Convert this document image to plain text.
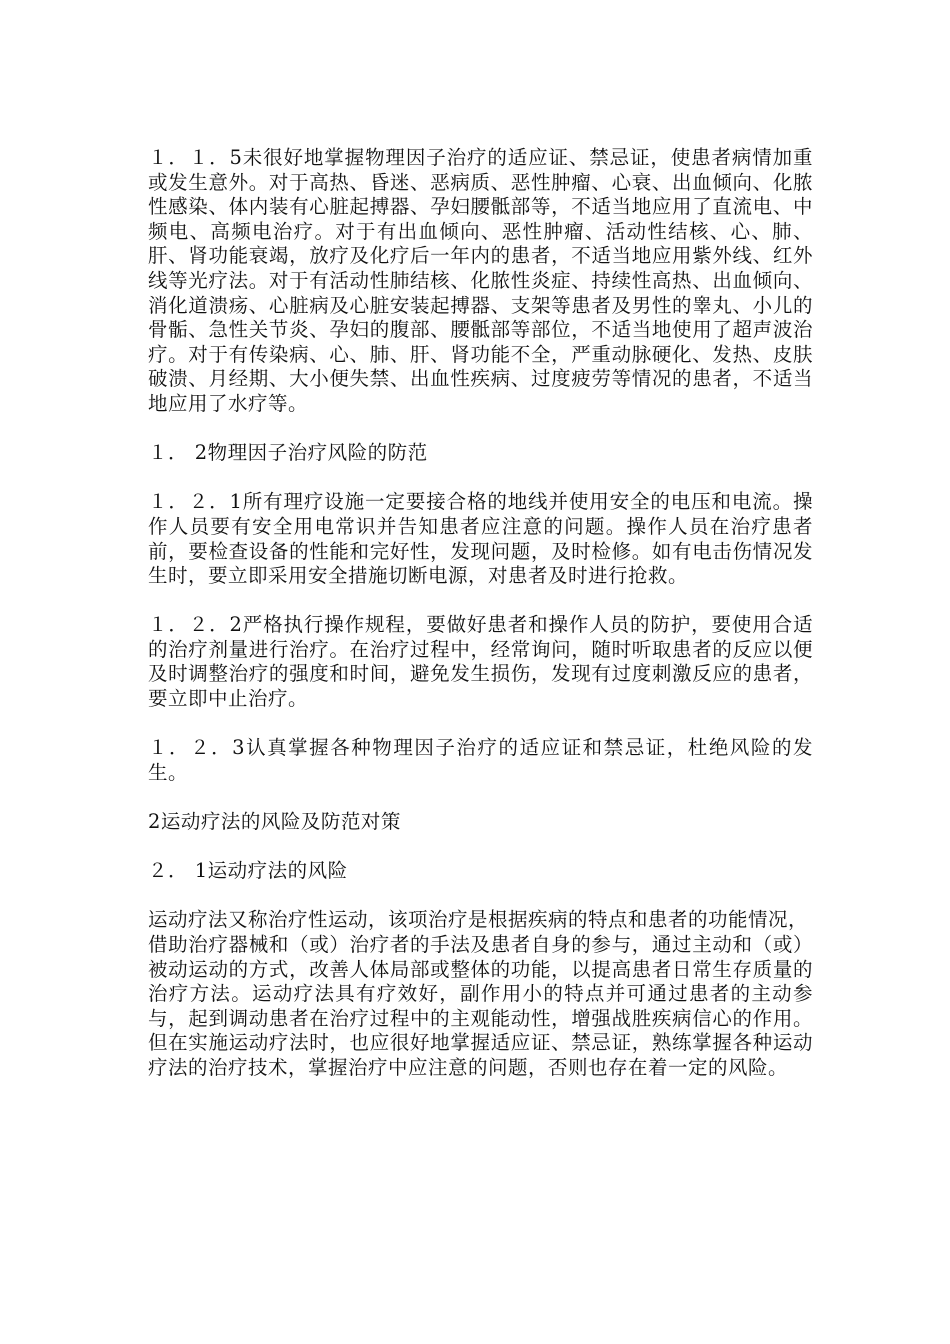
１．１．5未很好地掌握物理因子治疗的适应证、禁忌证，使患者病情加重或发生意外。对于高热、昏迷、恶病质、恶性肿瘤、心衰、出血倾向、化脓性感染、体内装有心脏起搏器、孕妇腰骶部等，不适当地应用了直流电、中频电、高频电治疗。对于有出血倾向、恶性肿瘤、活动性结核、心、肺、肝、肾功能衰竭，放疗及化疗后一年内的患者，不适当地应用紫外线、红外线等光疗法。对于有活动性肺结核、化脓性炎症、持续性高热、出血倾向、消化道溃疡、心脏病及心脏安装起搏器、支架等患者及男性的睾丸、小儿的骨骺、急性关节炎、孕妇的腹部、腰骶部等部位，不适当地使用了超声波治疗。对于有传染病、心、肺、肝、肾功能不全，严重动脉硬化、发热、皮肤破溃、月经期、大小便失禁、出血性疾病、过度疲劳等情况的患者，不适当地应用了水疗等。

１． 2物理因子治疗风险的防范

１．２．1所有理疗设施一定要接合格的地线并使用安全的电压和电流。操作人员要有安全用电常识并告知患者应注意的问题。操作人员在治疗患者前，要检查设备的性能和完好性，发现问题，及时检修。如有电击伤情况发生时，要立即采用安全措施切断电源，对患者及时进行抢救。

１．２．2严格执行操作规程，要做好患者和操作人员的防护，要使用合适的治疗剂量进行治疗。在治疗过程中，经常询问，随时听取患者的反应以便及时调整治疗的强度和时间，避免发生损伤，发现有过度刺激反应的患者，要立即中止治疗。

１．２．3认真掌握各种物理因子治疗的适应证和禁忌证，杜绝风险的发生。

2运动疗法的风险及防范对策

２． 1运动疗法的风险

运动疗法又称治疗性运动，该项治疗是根据疾病的特点和患者的功能情况，
借助治疗器械和（或）治疗者的手法及患者自身的参与，通过主动和（或）被动运动的方式，改善人体局部或整体的功能，以提高患者日常生存质量的治疗方法。运动疗法具有疗效好，副作用小的特点并可通过患者的主动参与，起到调动患者在治疗过程中的主观能动性，增强战胜疾病信心的作用。但在实施运动疗法时，也应很好地掌握适应证、禁忌证，熟练掌握各种运动疗法的治疗技术，掌握治疗中应注意的问题，否则也存在着一定的风险。
